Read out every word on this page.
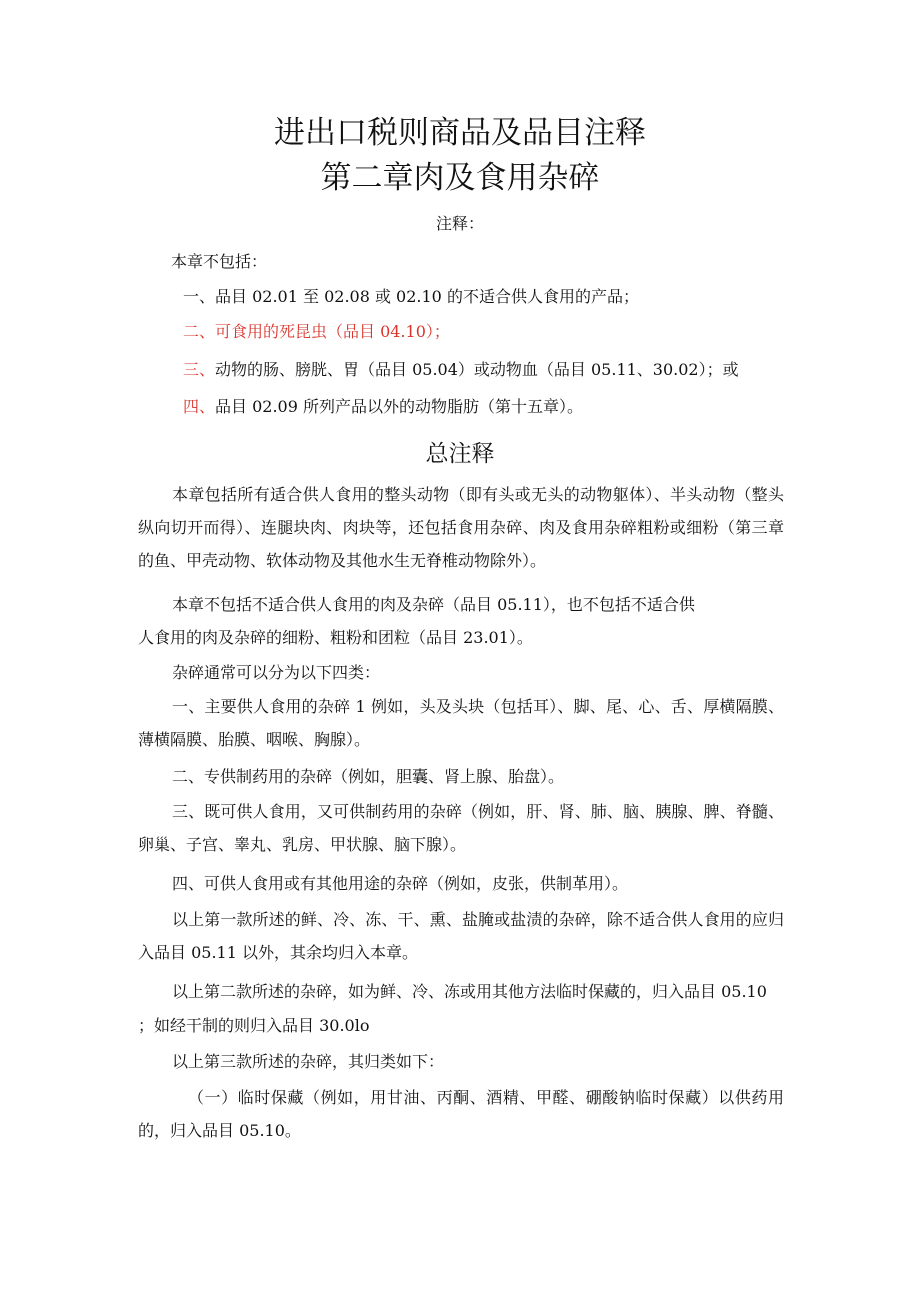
进出口税则商品及品目注释
第二章肉及食用杂碎
注释：
本章不包括：
一、品目 02.01 至 02.08 或 02.10 的不适合供人食用的产品；
二、可食用的死昆虫（品目 04.10）；
三、动物的肠、膀胱、胃（品目 05.04）或动物血（品目 05.11、30.02）；或
四、品目 02.09 所列产品以外的动物脂肪（第十五章）。
总注释
本章包括所有适合供人食用的整头动物（即有头或无头的动物躯体）、半头动物（整头纵向切开而得）、连腿块肉、肉块等，还包括食用杂碎、肉及食用杂碎粗粉或细粉（第三章的鱼、甲壳动物、软体动物及其他水生无脊椎动物除外）。
本章不包括不适合供人食用的肉及杂碎（品目 05.11），也不包括不适合供
人食用的肉及杂碎的细粉、粗粉和团粒（品目 23.01）。
杂碎通常可以分为以下四类：
一、主要供人食用的杂碎 1 例如，头及头块（包括耳）、脚、尾、心、舌、厚横隔膜、薄横隔膜、胎膜、咽喉、胸腺）。
二、专供制药用的杂碎（例如，胆囊、肾上腺、胎盘）。
三、既可供人食用，又可供制药用的杂碎（例如，肝、肾、肺、脑、胰腺、脾、脊髓、卵巢、子宫、睾丸、乳房、甲状腺、脑下腺）。
四、可供人食用或有其他用途的杂碎（例如，皮张，供制革用）。
以上第一款所述的鲜、冷、冻、干、熏、盐腌或盐渍的杂碎，除不适合供人食用的应归入品目 05.11 以外，其余均归入本章。
以上第二款所述的杂碎，如为鲜、冷、冻或用其他方法临时保藏的，归入品目 05.10
；如经干制的则归入品目 30.0lo
以上第三款所述的杂碎，其归类如下：
（一）临时保藏（例如，用甘油、丙酮、酒精、甲醛、硼酸钠临时保藏）以供药用的，归入品目 05.10。
